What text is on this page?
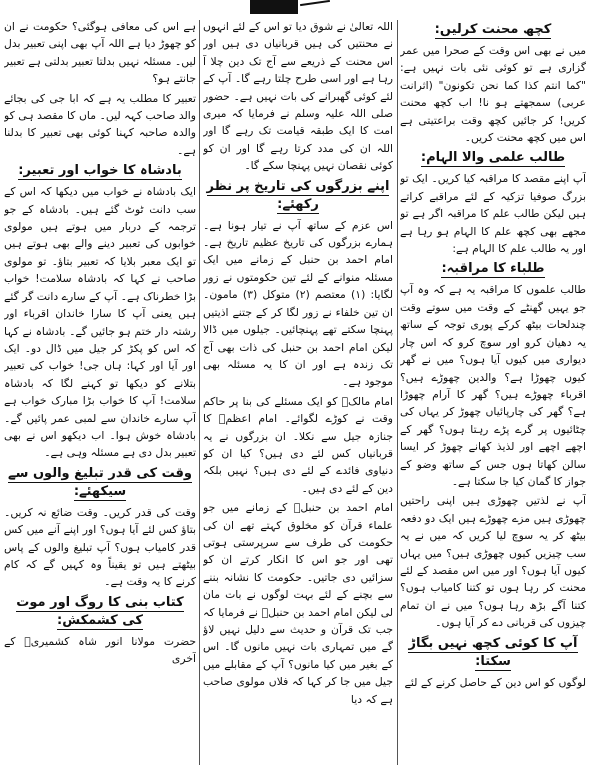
کچھ محنت کرلیں:

میں نے بھی اس وقت کے صحرا میں عمر گزاری ہے تو کوئی نئی بات نہیں ہے: "کما انتم کذا کما نحن تکونون" (اثرانت عربی) سمجھتے ہو نا! اب کچھ محنت کریں! کر جائیں کچھ وقت براعتیتی ہے اس میں کچھ محنت کریں۔

طالب علمی والا الہام:

آپ اپنے مقصد کا مراقبہ کیا کریں۔ ایک تو بزرگ صوفیا تزکیہ کے لئے مراقبے کراتے ہیں لیکن طالب علم کا مراقبہ اگر ہے تو مجھے بھی کچھ علم کا الہام ہو رہا ہے اور یہ طالب علم کا الہام ہے:

طلباء کا مراقبہ:

طالب علموں کا مراقبہ یہ ہے کہ وہ آپ جو یہیں گھنٹے کے وقت میں سوتے وقت چندلحات بیٹھ کرکے پوری توجہ کے ساتھ یہ دھیان کرو اور سوچ کرو کہ اس چار دیواری میں کیوں آیا ہوں؟ میں نے گھر کیوں چھوڑا ہے؟ والدین چھوڑے ہیں؟ اقرباء چھوڑے ہیں؟ گھر کا آرام چھوڑا ہے؟ گھر کی چارپائیاں چھوڑ کر یہاں کی چٹائیوں پر گرے پڑے رہتا ہوں؟ گھر کے اچھے اچھے اور لذیذ کھانے چھوڑ کر ایسا سالن کھاتا ہوں جس کے ساتھ وضو کے جواز کا گمان کیا جا سکتا ہے۔

آپ نے لذتیں چھوڑی ہیں اپنی راحتیں چھوڑی ہیں مزے چھوڑے ہیں ایک دو دفعہ بیٹھ کر یہ سوچ لیا کریں کہ میں نے یہ سب چیزیں کیوں چھوڑی ہیں؟ میں یہاں کیوں آیا ہوں؟ اور میں اس مقصد کے لئے محنت کر رہا ہوں تو کتنا کامیاب ہوں؟ کتنا آگے بڑھ رہا ہوں؟ میں نے ان تمام چیزوں کی قربانی دے کر آیا ہوں۔

آپ کا کوئی کچھ نہیں بگاڑ سکتا:

لوگوں کو اس دین کے حاصل کرنے کے لئے

اللہ تعالیٰ نے شوق دیا تو اس کے لئے انہوں نے محنتیں کی ہیں قربانیاں دی ہیں اور اس محنت کے ذریعے سے آج تک دین چلا آ رہا ہے اور اسی طرح چلتا رہے گا۔ آپ کے لئے کوئی گھبرانے کی بات نہیں ہے۔ حضور صلی اللہ علیہ وسلم نے فرمایا کہ میری امت کا ایک طبقہ قیامت تک رہے گا اور اللہ ان کی مدد کرتا رہے گا اور ان کو کوئی نقصان نہیں پہنچا سکے گا۔

اپنے بزرگوں کی تاریخ پر نظر رکھئے:

اس عزم کے ساتھ آپ نے تیار ہونا ہے۔ ہمارے بزرگوں کی تاریخ عظیم تاریخ ہے۔ امام احمد بن حنبل کے زمانے میں ایک مسئلہ منوانے کے لئے تین حکومتوں نے زور لگایا: (۱) معتصم (۲) متوکل (۳) مامون۔ ان تین خلفاء نے زور لگا کر کے جتنے اذیتیں پہنچا سکتے تھے پہنچائیں۔ جیلوں میں ڈالا لیکن امام احمد بن حنبل کی ذات بھی آج تک زندہ ہے اور ان کا یہ مسئلہ بھی موجود ہے۔

امام مالکؒ کو ایک مسئلے کی بنا پر حاکم وقت نے کوڑے لگوائے۔ امام اعظمؒ کا جنازہ جیل سے نکلا۔ ان بزرگوں نے یہ قربانیاں کس لئے دی ہیں؟ کیا ان کو دنیاوی فائدے کے لئے دی ہیں؟ نہیں بلکہ دین کے لئے دی ہیں۔

امام احمد بن حنبلؒ کے زمانے میں جو علماء قرآن کو مخلوق کہتے تھے ان کی حکومت کی طرف سے سرپرستی ہوتی تھی اور جو اس کا انکار کرتے ان کو سزائیں دی جاتیں۔ حکومت کا نشانہ بننے سے بچنے کے لئے بہت لوگوں نے بات مان لی لیکن امام احمد بن حنبلؒ نے فرمایا کہ جب تک قرآن و حدیث سے دلیل نہیں لاؤ گے میں تمہاری بات نہیں مانوں گا۔ اس کے بغیر میں کیا مانوں؟ آپ کے مقابلے میں جیل میں جا کر کہا کہ فلاں مولوی صاحب ہے کہ دیا

ہے اس کی معافی ہوگئی؟ حکومت نے ان کو چھوڑ دیا ہے اللہ آپ بھی اپنی تعبیر بدل لیں۔ مسئلہ نہیں بدلتا تعبیر بدلتی ہے تعبیر جانتے ہو؟

تعبیر کا مطلب یہ ہے کہ ابا جی کی بجائے والد صاحب کہہ لیں۔ ماں کا مقصد ہی کو والدہ صاحبہ کہنا کوئی بھی تعبیر کا بدلنا ہے۔

بادشاہ کا خواب اور تعبیر:

ایک بادشاہ نے خواب میں دیکھا کہ اس کے سب دانت ٹوٹ گئے ہیں۔ بادشاہ کے جو ترجمہ کے دربار میں ہوتے ہیں مولوی خوابوں کی تعبیر دینے والے بھی ہوتے ہیں تو ایک معبر بلایا کہ تعبیر بتاؤ۔ تو مولوی صاحب نے کہا کہ بادشاہ سلامت! خواب بڑا خطرناک ہے۔ آپ کے سارے دانت گر گئے ہیں یعنی آپ کا سارا خاندان اقرباء اور رشتہ دار ختم ہو جائیں گے۔ بادشاہ نے کہا کہ اس کو پکڑ کر جیل میں ڈال دو۔ ایک اور آیا اور کہا: ہاں جی! خواب کی تعبیر بتلانے کو دیکھا تو کہنے لگا کہ بادشاہ سلامت! آپ کا خواب بڑا مبارک خواب ہے آپ سارے خاندان سے لمبی عمر پائیں گے۔ بادشاہ خوش ہوا۔ اب دیکھو اس نے بھی تعبیر بدل دی ہے مسئلہ وہی ہے۔

وقت کی قدر تبلیغ والوں سے سیکھئے:

وقت کی قدر کریں۔ وقت ضائع نہ کریں۔ بتاؤ کس لئے آیا ہوں؟ اور اپنے آنے میں کس قدر کامیاب ہوں؟ آپ تبلیغ والوں کے پاس بیٹھتے ہیں تو یقیناً وہ کہیں گے کہ کام کرنے کا یہ وقت ہے۔

کتاب بنی کا روگ اور موت کی کشمکش:

حضرت مولانا انور شاہ کشمیریؒ کے آخری
